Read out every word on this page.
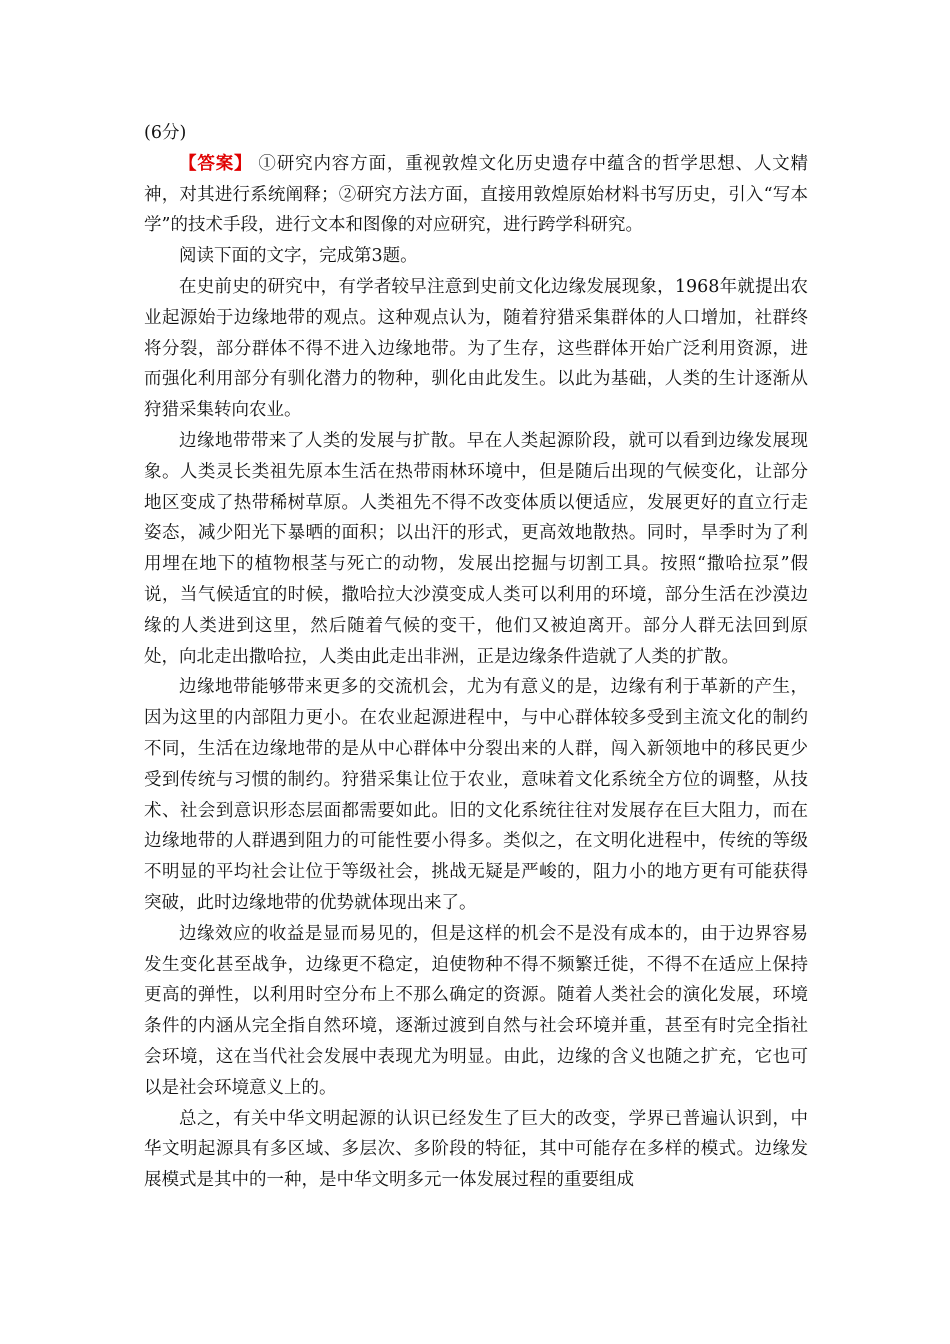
(6分)

【答案】 ①研究内容方面，重视敦煌文化历史遗存中蕴含的哲学思想、人文精神，对其进行系统阐释；②研究方法方面，直接用敦煌原始材料书写历史，引入“写本学”的技术手段，进行文本和图像的对应研究，进行跨学科研究。

阅读下面的文字，完成第3题。

在史前史的研究中，有学者较早注意到史前文化边缘发展现象，1968年就提出农业起源始于边缘地带的观点。这种观点认为，随着狩猎采集群体的人口增加，社群终将分裂，部分群体不得不进入边缘地带。为了生存，这些群体开始广泛利用资源，进而强化利用部分有驯化潜力的物种，驯化由此发生。以此为基础，人类的生计逐渐从狩猎采集转向农业。

边缘地带带来了人类的发展与扩散。早在人类起源阶段，就可以看到边缘发展现象。人类灵长类祖先原本生活在热带雨林环境中，但是随后出现的气候变化，让部分地区变成了热带稀树草原。人类祖先不得不改变体质以便适应，发展更好的直立行走姿态，减少阳光下暴晒的面积；以出汗的形式，更高效地散热。同时，旱季时为了利用埋在地下的植物根茎与死亡的动物，发展出挖掘与切割工具。按照“撒哈拉泵”假说，当气候适宜的时候，撒哈拉大沙漠变成人类可以利用的环境，部分生活在沙漠边缘的人类进到这里，然后随着气候的变干，他们又被迫离开。部分人群无法回到原处，向北走出撒哈拉，人类由此走出非洲，正是边缘条件造就了人类的扩散。

边缘地带能够带来更多的交流机会，尤为有意义的是，边缘有利于革新的产生，因为这里的内部阻力更小。在农业起源进程中，与中心群体较多受到主流文化的制约不同，生活在边缘地带的是从中心群体中分裂出来的人群，闯入新领地中的移民更少受到传统与习惯的制约。狩猎采集让位于农业，意味着文化系统全方位的调整，从技术、社会到意识形态层面都需要如此。旧的文化系统往往对发展存在巨大阻力，而在边缘地带的人群遇到阻力的可能性要小得多。类似之，在文明化进程中，传统的等级不明显的平均社会让位于等级社会，挑战无疑是严峻的，阻力小的地方更有可能获得突破，此时边缘地带的优势就体现出来了。

边缘效应的收益是显而易见的，但是这样的机会不是没有成本的，由于边界容易发生变化甚至战争，边缘更不稳定，迫使物种不得不频繁迁徙，不得不在适应上保持更高的弹性，以利用时空分布上不那么确定的资源。随着人类社会的演化发展，环境条件的内涵从完全指自然环境，逐渐过渡到自然与社会环境并重，甚至有时完全指社会环境，这在当代社会发展中表现尤为明显。由此，边缘的含义也随之扩充，它也可以是社会环境意义上的。

总之，有关中华文明起源的认识已经发生了巨大的改变，学界已普遍认识到，中华文明起源具有多区域、多层次、多阶段的特征，其中可能存在多样的模式。边缘发展模式是其中的一种，是中华文明多元一体发展过程的重要组成
